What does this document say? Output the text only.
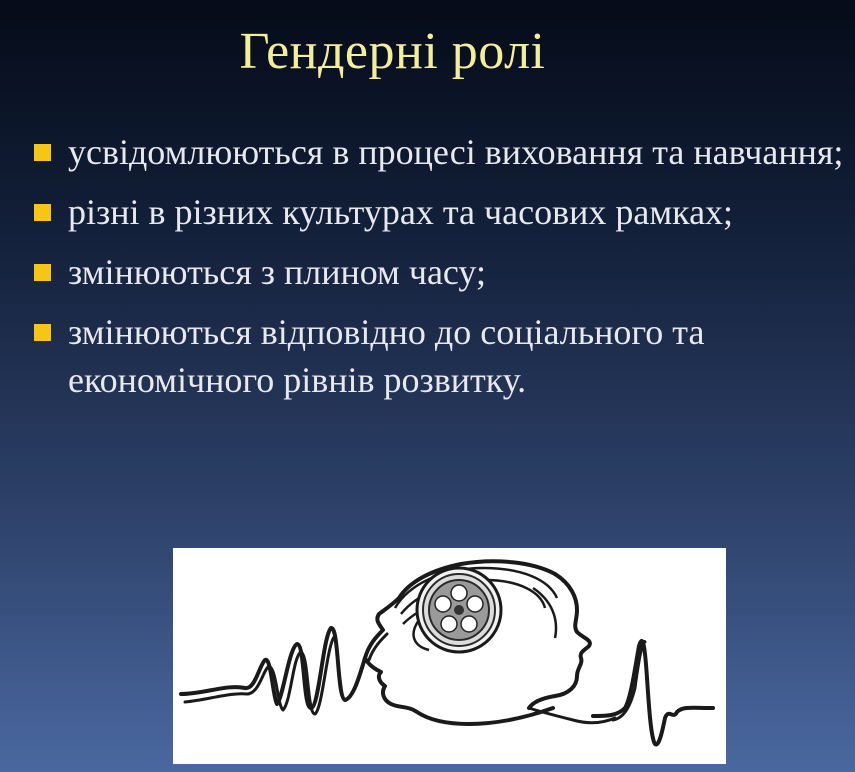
Гендерні ролі
усвідомлюються в процесі виховання та навчання;
різні в різних культурах та часових рамках;
змінюються з плином часу;
змінюються відповідно до соціального та економічного рівнів розвитку.
